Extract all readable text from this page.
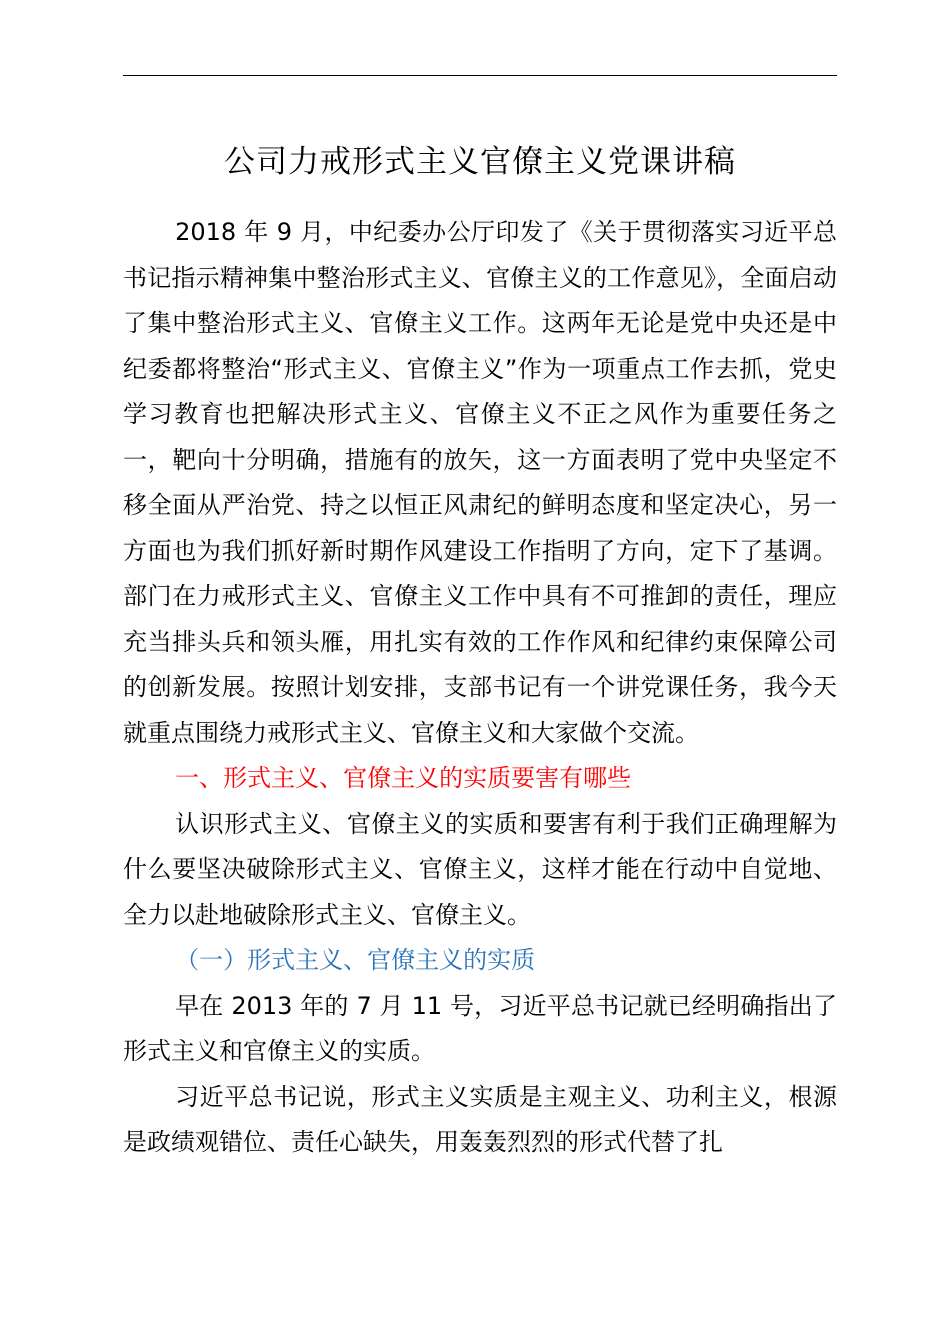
公司力戒形式主义官僚主义党课讲稿

2018 年 9 月，中纪委办公厅印发了《关于贯彻落实习近平总书记指示精神集中整治形式主义、官僚主义的工作意见》，全面启动了集中整治形式主义、官僚主义工作。这两年无论是党中央还是中纪委都将整治“形式主义、官僚主义”作为一项重点工作去抓，党史学习教育也把解决形式主义、官僚主义不正之风作为重要任务之一，靶向十分明确，措施有的放矢，这一方面表明了党中央坚定不移全面从严治党、持之以恒正风肃纪的鲜明态度和坚定决心，另一方面也为我们抓好新时期作风建设工作指明了方向，定下了基调。部门在力戒形式主义、官僚主义工作中具有不可推卸的责任，理应充当排头兵和领头雁，用扎实有效的工作作风和纪律约束保障公司的创新发展。按照计划安排，支部书记有一个讲党课任务，我今天就重点围绕力戒形式主义、官僚主义和大家做个交流。

一、形式主义、官僚主义的实质要害有哪些

认识形式主义、官僚主义的实质和要害有利于我们正确理解为什么要坚决破除形式主义、官僚主义，这样才能在行动中自觉地、全力以赴地破除形式主义、官僚主义。

（一）形式主义、官僚主义的实质

早在 2013 年的 7 月 11 号，习近平总书记就已经明确指出了形式主义和官僚主义的实质。

习近平总书记说，形式主义实质是主观主义、功利主义，根源是政绩观错位、责任心缺失，用轰轰烈烈的形式代替了扎
